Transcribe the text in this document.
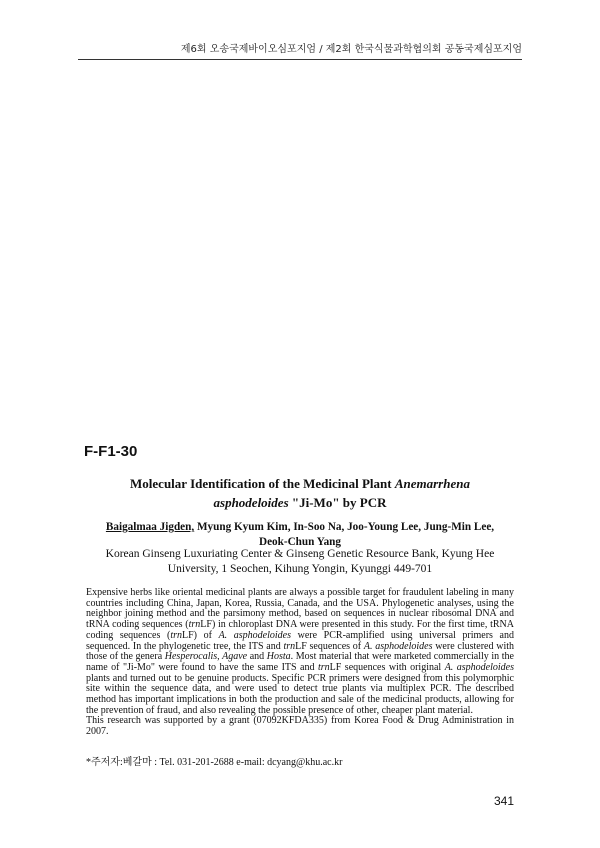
제6회 오송국제바이오심포지엄 / 제2회 한국식물과학협의회 공동국제심포지엄
F-F1-30
Molecular Identification of the Medicinal Plant Anemarrhena
asphodeloides "Ji-Mo" by PCR
Baigalmaa Jigden, Myung Kyum Kim, In-Soo Na, Joo-Young Lee, Jung-Min Lee,
Deok-Chun Yang
Korean Ginseng Luxuriating Center & Ginseng Genetic Resource Bank, Kyung Hee
University, 1 Seochen, Kihung Yongin, Kyunggi 449-701

Expensive herbs like oriental medicinal plants are always a possible target for fraudulent labeling in many countries including China, Japan, Korea, Russia, Canada, and the USA. Phylogenetic analyses, using the neighbor joining method and the parsimony method, based on sequences in nuclear ribosomal DNA and tRNA coding sequences (trnLF) in chloroplast DNA were presented in this study. For the first time, tRNA coding sequences (trnLF) of A. asphodeloides were PCR-amplified using universal primers and sequenced. In the phylogenetic tree, the ITS and trnLF sequences of A. asphodeloides were clustered with those of the genera Hesperocalis, Agave and Hosta. Most material that were marketed commercially in the name of "Ji-Mo" were found to have the same ITS and trnLF sequences with original A. asphodeloides plants and turned out to be genuine products. Specific PCR primers were designed from this polymorphic site within the sequence data, and were used to detect true plants via multiplex PCR. The described method has important implications in both the production and sale of the medicinal products, allowing for the prevention of fraud, and also revealing the possible presence of other, cheaper plant material.

This research was supported by a grant (07092KFDA335) from Korea Food & Drug Administration in 2007.

*주저자:베갈마 : Tel. 031-201-2688 e-mail: dcyang@khu.ac.kr
341
